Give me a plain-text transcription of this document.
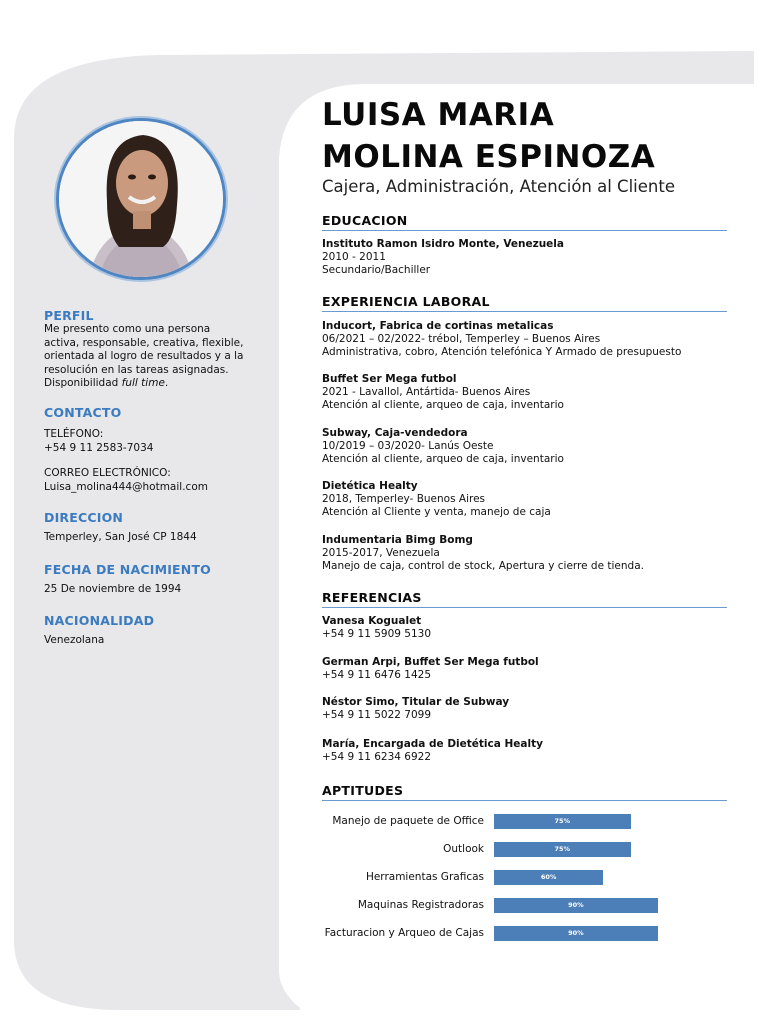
PERFIL
Me presento como una persona
activa, responsable, creativa, flexible,
orientada al logro de resultados y a la
resolución en las tareas asignadas.
Disponibilidad full time.
CONTACTO
TELÉFONO:
+54 9 11 2583-7034
CORREO ELECTRÓNICO:
Luisa_molina444@hotmail.com
DIRECCION
Temperley, San José CP 1844
FECHA DE NACIMIENTO
25 De noviembre de 1994
NACIONALIDAD
Venezolana
LUISA MARIA
MOLINA ESPINOZA
Cajera, Administración, Atención al Cliente
EDUCACION
Instituto Ramon Isidro Monte, Venezuela
2010 - 2011
Secundario/Bachiller
EXPERIENCIA LABORAL
Inducort, Fabrica de cortinas metalicas
06/2021 – 02/2022- trébol, Temperley – Buenos Aires
Administrativa, cobro, Atención telefónica Y Armado de presupuesto
Buffet Ser Mega futbol
2021 - Lavallol, Antártida- Buenos Aires
Atención al cliente, arqueo de caja, inventario
Subway, Caja-vendedora
10/2019 – 03/2020- Lanús Oeste
Atención al cliente, arqueo de caja, inventario
Dietética Healty
2018, Temperley- Buenos Aires
Atención al Cliente y venta, manejo de caja
Indumentaria Bimg Bomg
2015-2017, Venezuela
Manejo de caja, control de stock, Apertura y cierre de tienda.
REFERENCIAS
Vanesa Kogualet
+54 9 11 5909 5130
German Arpi, Buffet Ser Mega futbol
+54 9 11 6476 1425
Néstor Simo, Titular de Subway
+54 9 11 5022 7099
María, Encargada de Dietética Healty
+54 9 11 6234 6922
APTITUDES
Manejo de paquete de Office	75%
Outlook	75%
Herramientas Graficas	60%
Maquinas Registradoras	90%
Facturacion y Arqueo de Cajas	90%
